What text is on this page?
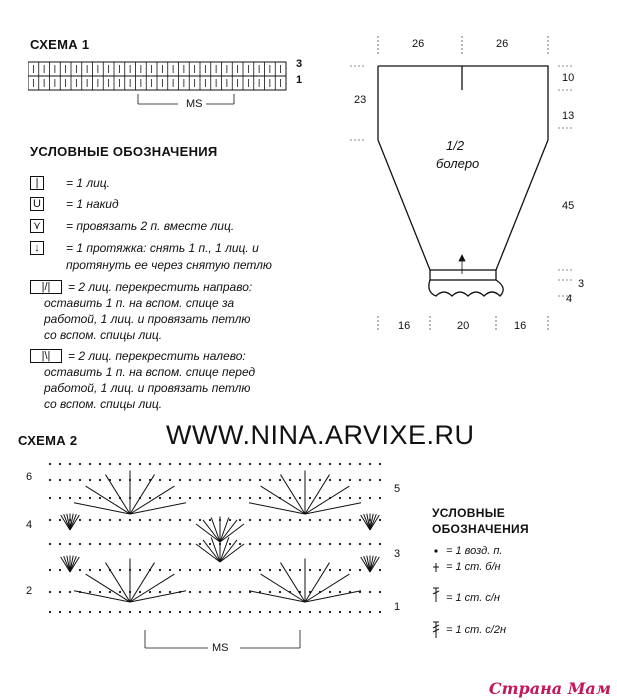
СХЕМА 1
3
1
MS
УСЛОВНЫЕ ОБОЗНАЧЕНИЯ
|	= 1 лиц.
U = 1 накид
⋎ = провязать 2 п. вместе лиц.
↓	= 1 протяжка: снять 1 п., 1 лиц. и
протянуть ее через снятую петлю
|/|	= 2 лиц. перекрестить направо:
оставить 1 п. на вспом. спице за
работой, 1 лиц. и провязать петлю
со вспом. спицы лиц.
|\|	= 2 лиц. перекрестить налево:
оставить 1 п. на вспом. спице перед
работой, 1 лиц. и провязать петлю
со вспом. спицы лиц.
1/2
болеро
26	26
10
13
45
3
4
23
16	20	16
WWW.NINA.ARVIXE.RU
СХЕМА 2
6
4
2
5
3
1
MS
УСЛОВНЫЕ
ОБОЗНАЧЕНИЯ
= 1 возд. п.
= 1 ст. б/н
= 1 ст. с/н
= 1 ст. с/2н
Страна Мам
